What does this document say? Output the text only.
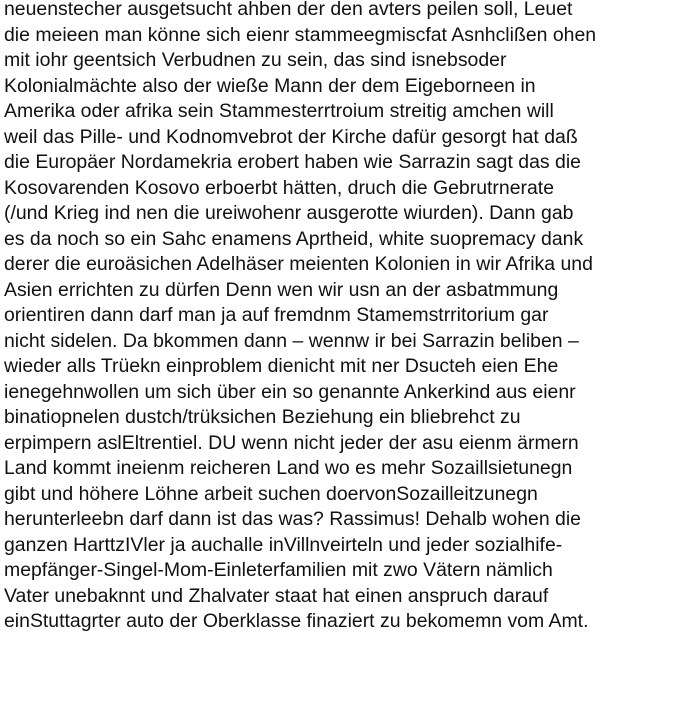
neuenstecher ausgetsucht ahben der den avters peilen soll, Leuet
die meieen man könne sich eienr stammeegmiscfat Asnhclißen ohen
mit iohr geentsich Verbudnen zu sein, das sind isnebsoder
Kolonialmächte also der wieße Mann der dem Eigeborneen in
Amerika oder afrika sein Stammesterrtroium streitig amchen will
weil das Pille- und Kodnomvebrot der Kirche dafür gesorgt hat daß
die Europäer Nordamekria erobert haben wie Sarrazin sagt das die
Kosovarenden Kosovo erboerbt hätten, druch die Gebrutrnerate
(/und Krieg ind nen die ureiwohenr ausgerotte wiurden). Dann gab
es da noch so ein Sahc enamens Aprtheid, white suopremacy dank
derer die euroäsichen Adelhäser meienten Kolonien in wir Afrika und
Asien errichten zu dürfen Denn wen wir usn an der asbatmmung
orientiren dann darf man ja auf fremdnm Stamemstrritorium gar
nicht sidelen. Da bkommen dann – wennw ir bei Sarrazin beliben –
wieder alls Trüekn einproblem dienicht mit ner Dsucteh eien Ehe
ienegehnwollen um sich über ein so genannte Ankerkind aus eienr
binatiopnelen dustch/trüksichen Beziehung ein bliebrehct zu
erpimpern aslEltrentiel. DU wenn nicht jeder der asu eienm ärmern
Land kommt ineienm reicheren Land wo es mehr Sozaillsietunegn
gibt und höhere Löhne arbeit suchen doervonSozailleitzunegn
herunterleebn darf dann ist das was? Rassimus! Dehalb wohen die
ganzen HarttzIVler ja auchalle inVillnveirteln und jeder sozialhife-
mepfänger-Singel-Mom-Einleterfamilien mit zwo Vätern nämlich
Vater unebaknnt und Zhalvater staat hat einen anspruch darauf
einStuttagrter auto der Oberklasse finaziert zu bekomemn vom Amt.
